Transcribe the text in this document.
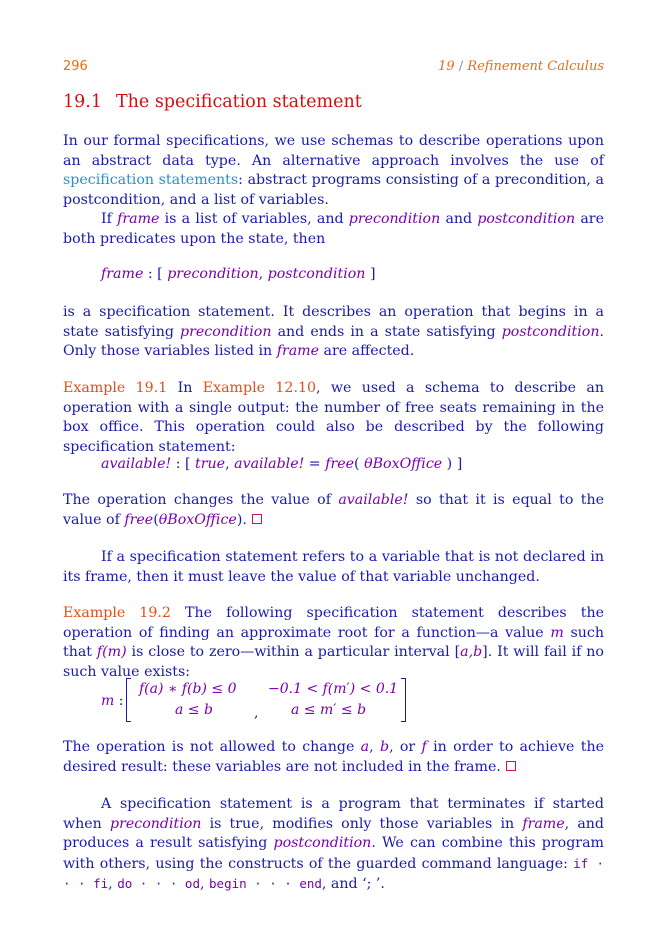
296	19 / Refinement Calculus
19.1 The specification statement

In our formal specifications, we use schemas to describe operations upon an abstract data type. An alternative approach involves the use of specification statements: abstract programs consisting of a precondition, a postcondition, and a list of variables.

If frame is a list of variables, and precondition and postcondition are both predicates upon the state, then

frame : [ precondition, postcondition ]

is a specification statement. It describes an operation that begins in a state satisfying precondition and ends in a state satisfying postcondition. Only those variables listed in frame are affected.

Example 19.1 In Example 12.10, we used a schema to describe an operation with a single output: the number of free seats remaining in the box office. This operation could also be described by the following specification statement:

available! : [ true, available! = free( θBoxOffice ) ]

The operation changes the value of available! so that it is equal to the value of free(θBoxOffice).

If a specification statement refers to a variable that is not declared in its frame, then it must leave the value of that variable unchanged.

Example 19.2 The following specification statement describes the operation of finding an approximate root for a function—a value m such that f(m) is close to zero—within a particular interval [a,b]. It will fail if no such value exists:

m :
f(a) ∗ f(b) ≤ 0
a ≤ b	,
−0.1 < f(m′) < 0.1
a ≤ m′ ≤ b

The operation is not allowed to change a, b, or f in order to achieve the desired result: these variables are not included in the frame.

A specification statement is a program that terminates if started when precondition is true, modifies only those variables in frame, and produces a result satisfying postcondition. We can combine this program with others, using the constructs of the guarded command language: if · · · fi, do · · · od, begin · · · end, and ‘; ’.
